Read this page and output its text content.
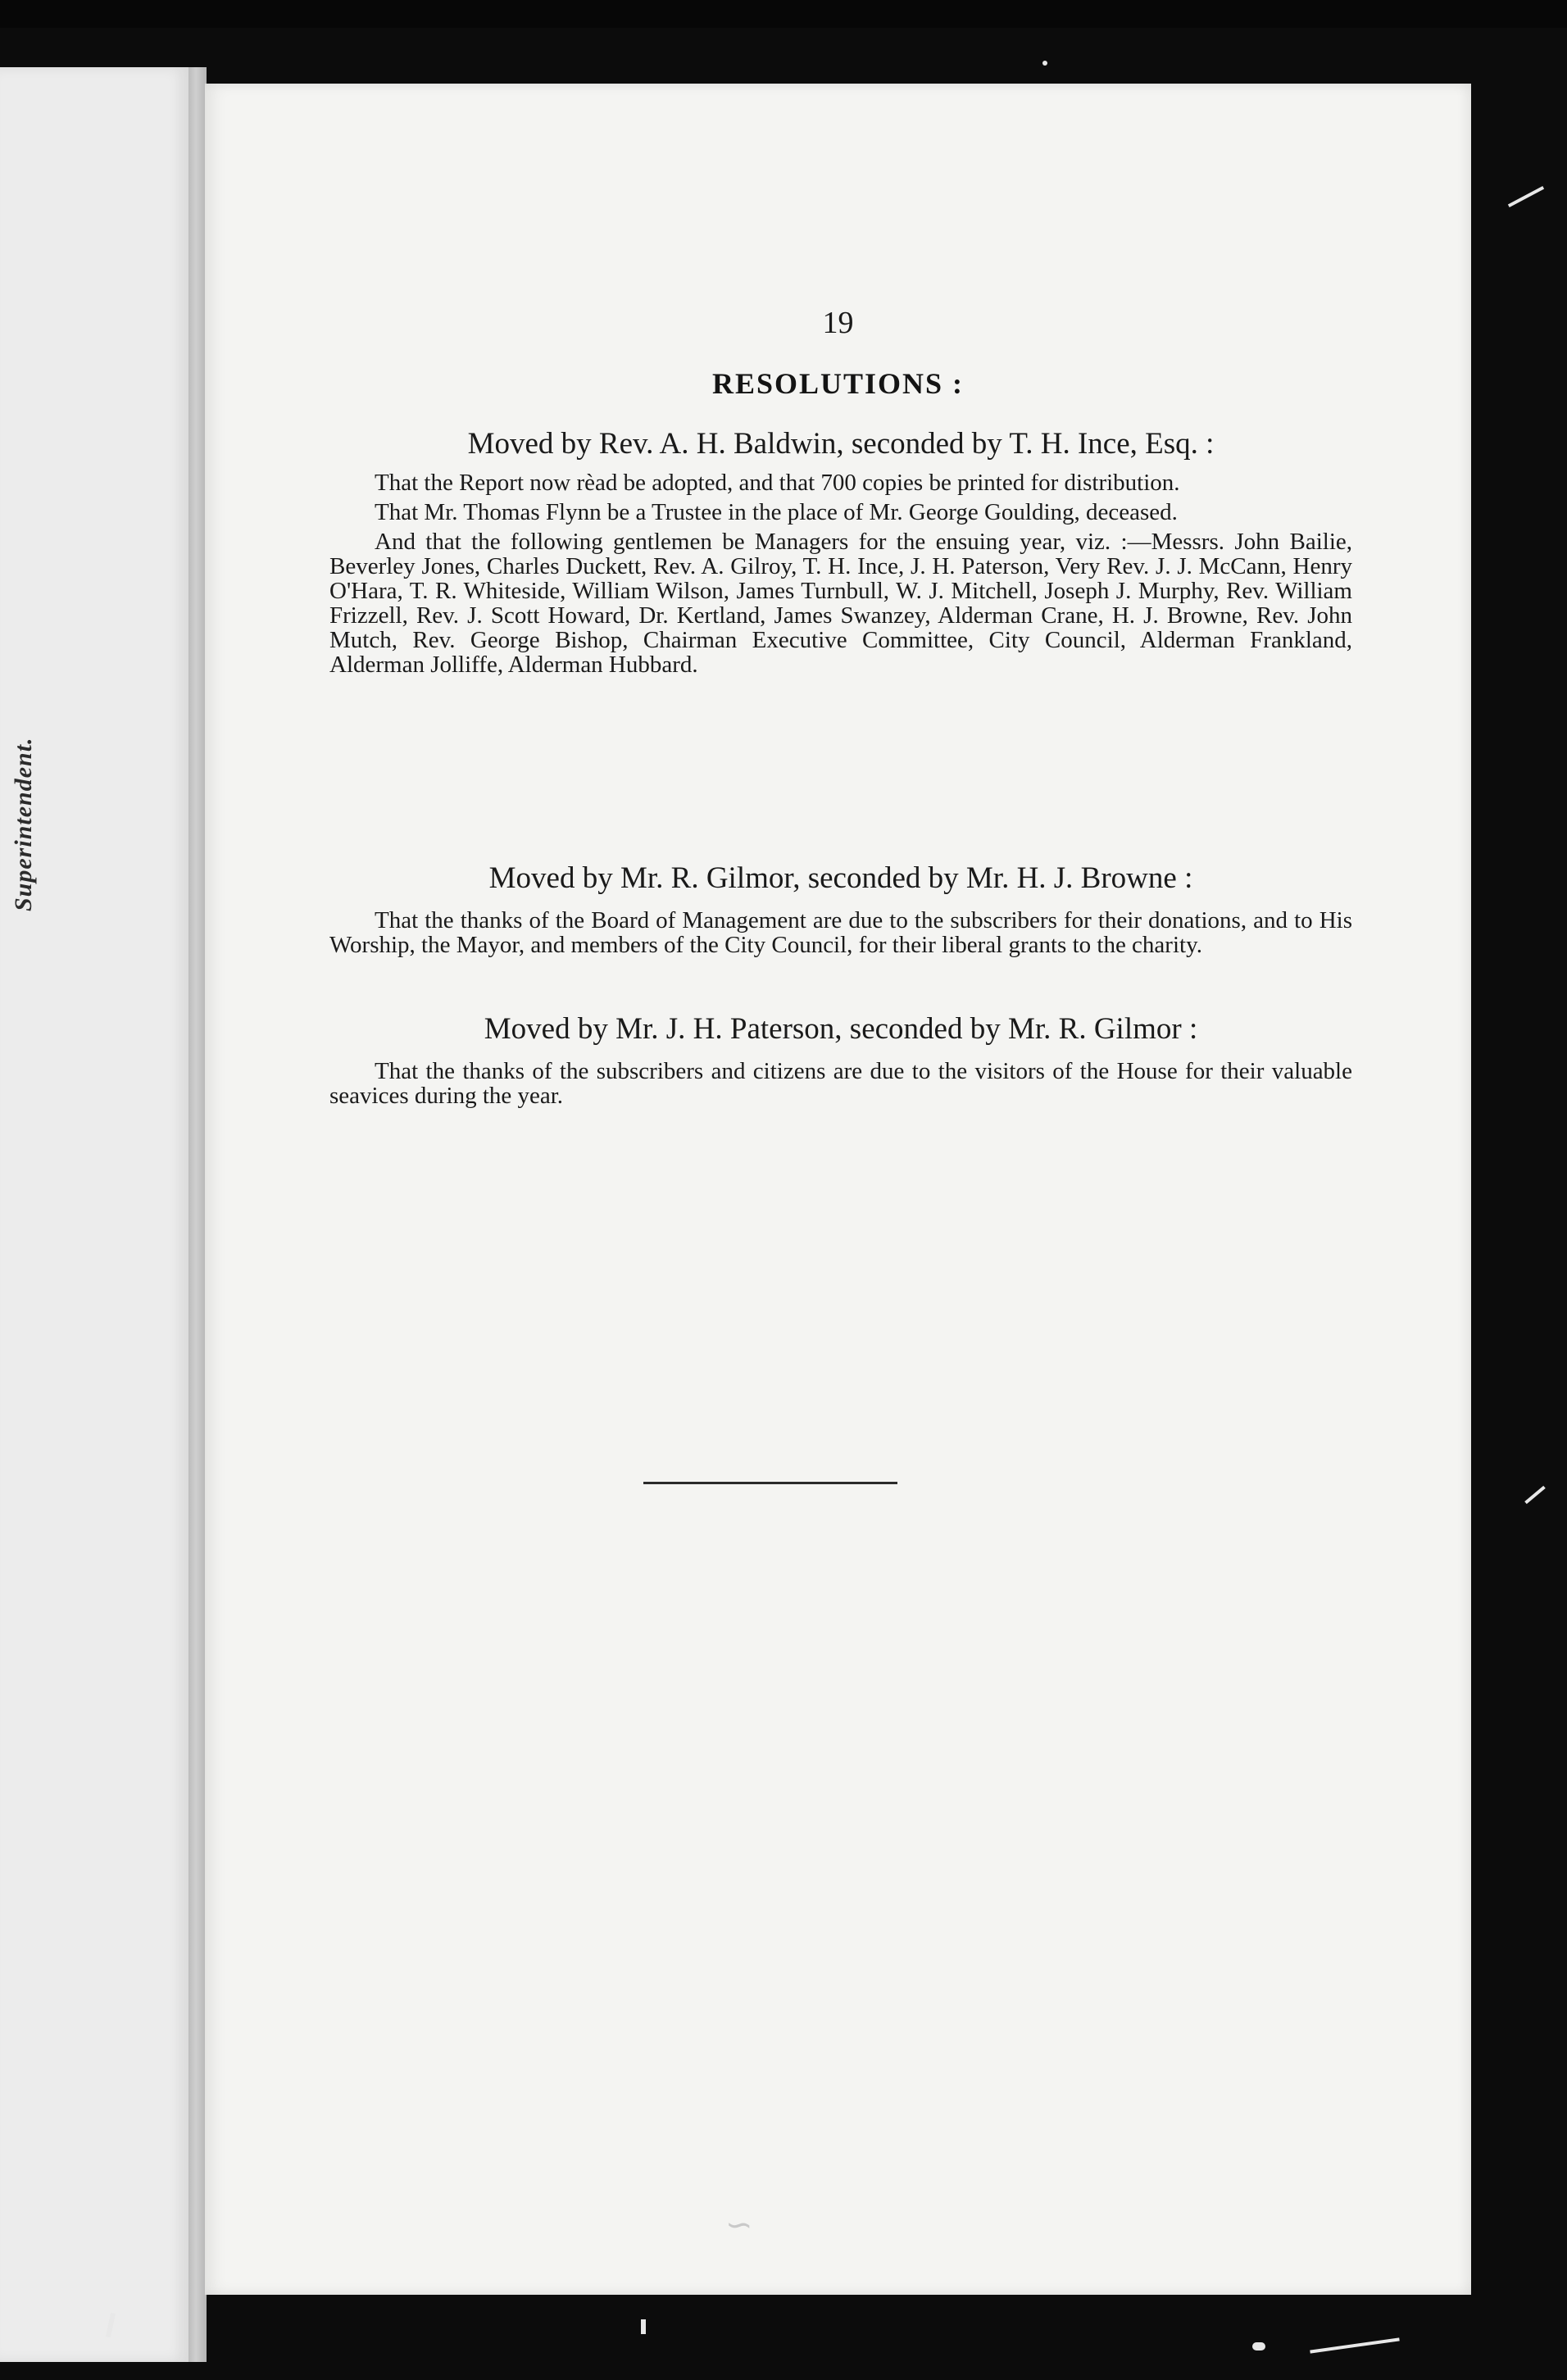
Superintendent.
19
RESOLUTIONS :

Moved by Rev. A. H. Baldwin, seconded by T. H. Ince, Esq. :

That the Report now rèad be adopted, and that 700 copies be printed for distribution.

That Mr. Thomas Flynn be a Trustee in the place of Mr. George Goulding, deceased.

And that the following gentlemen be Managers for the ensuing year, viz. :—Messrs. John Bailie, Beverley Jones, Charles Duckett, Rev. A. Gilroy, T. H. Ince, J. H. Paterson, Very Rev. J. J. McCann, Henry O'Hara, T. R. Whiteside, William Wilson, James Turnbull, W. J. Mitchell, Joseph J. Murphy, Rev. William Frizzell, Rev. J. Scott Howard, Dr. Kertland, James Swanzey, Alderman Crane, H. J. Browne, Rev. John Mutch, Rev. George Bishop, Chairman Executive Committee, City Council, Alderman Frankland, Alderman Jolliffe, Alderman Hubbard.

Moved by Mr. R. Gilmor, seconded by Mr. H. J. Browne :

That the thanks of the Board of Management are due to the subscribers for their donations, and to His Worship, the Mayor, and members of the City Council, for their liberal grants to the charity.

Moved by Mr. J. H. Paterson, seconded by Mr. R. Gilmor :

That the thanks of the subscribers and citizens are due to the visitors of the House for their valuable seavices during the year.

∽
